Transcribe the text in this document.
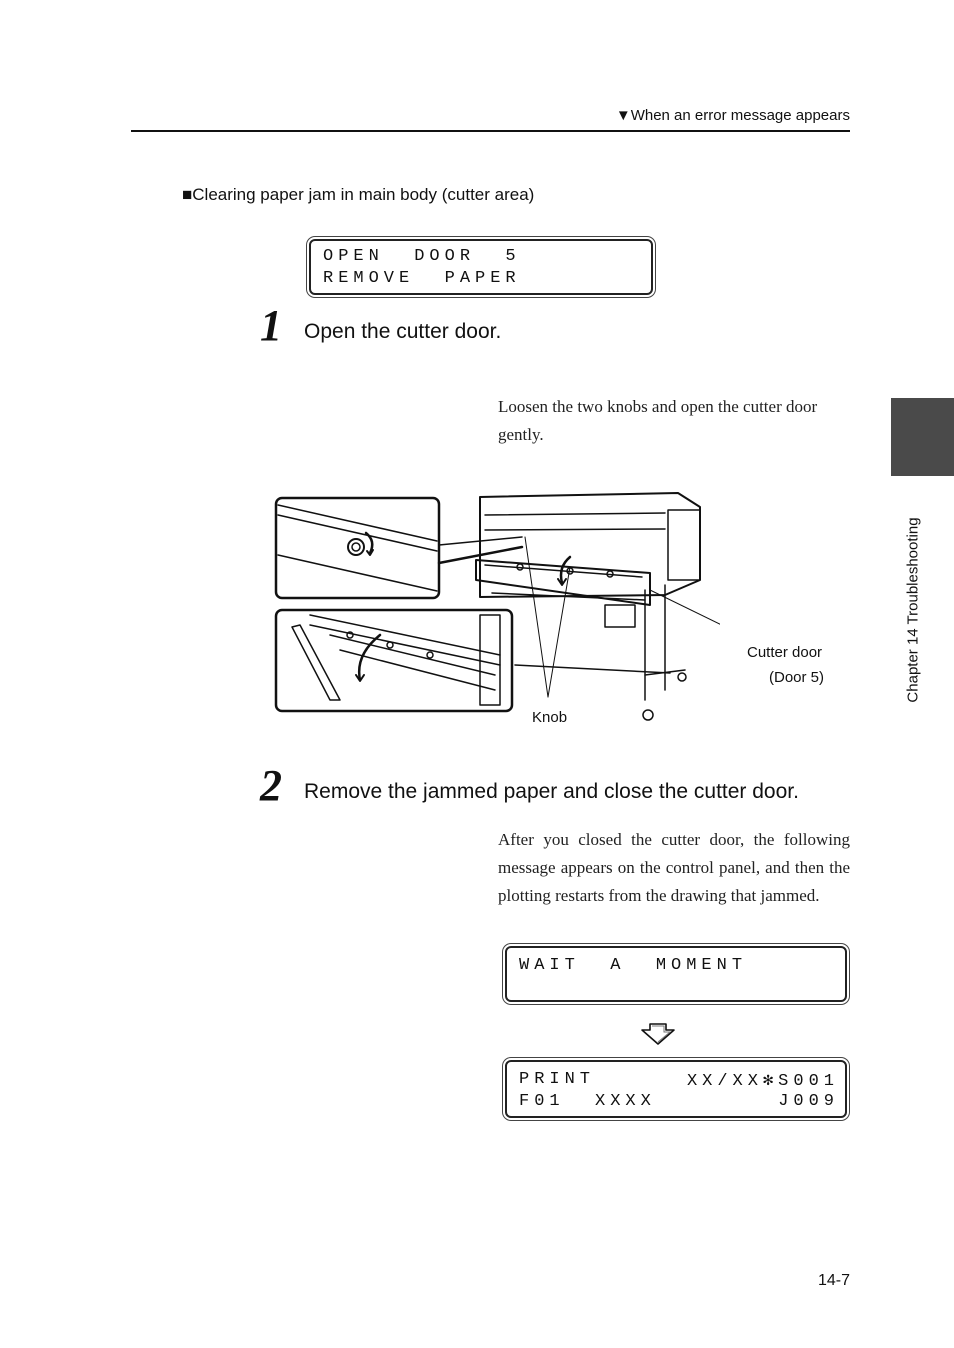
▼When an error message appears
■Clearing paper jam in main body (cutter area)
OPEN  DOOR  5
REMOVE  PAPER
1 Open the cutter door.
Loosen the two knobs and open the cutter door gently.
Cutter door
(Door 5)
Knob
2 Remove the jammed paper and close the cutter door.
After you closed the cutter door, the following message appears on the control panel, and then the plotting restarts from the drawing that jammed.
WAIT  A  MOMENT
PRINT	XX/XX✻S001
F01  XXXX	J009
Chapter 14 Troubleshooting
14-7
